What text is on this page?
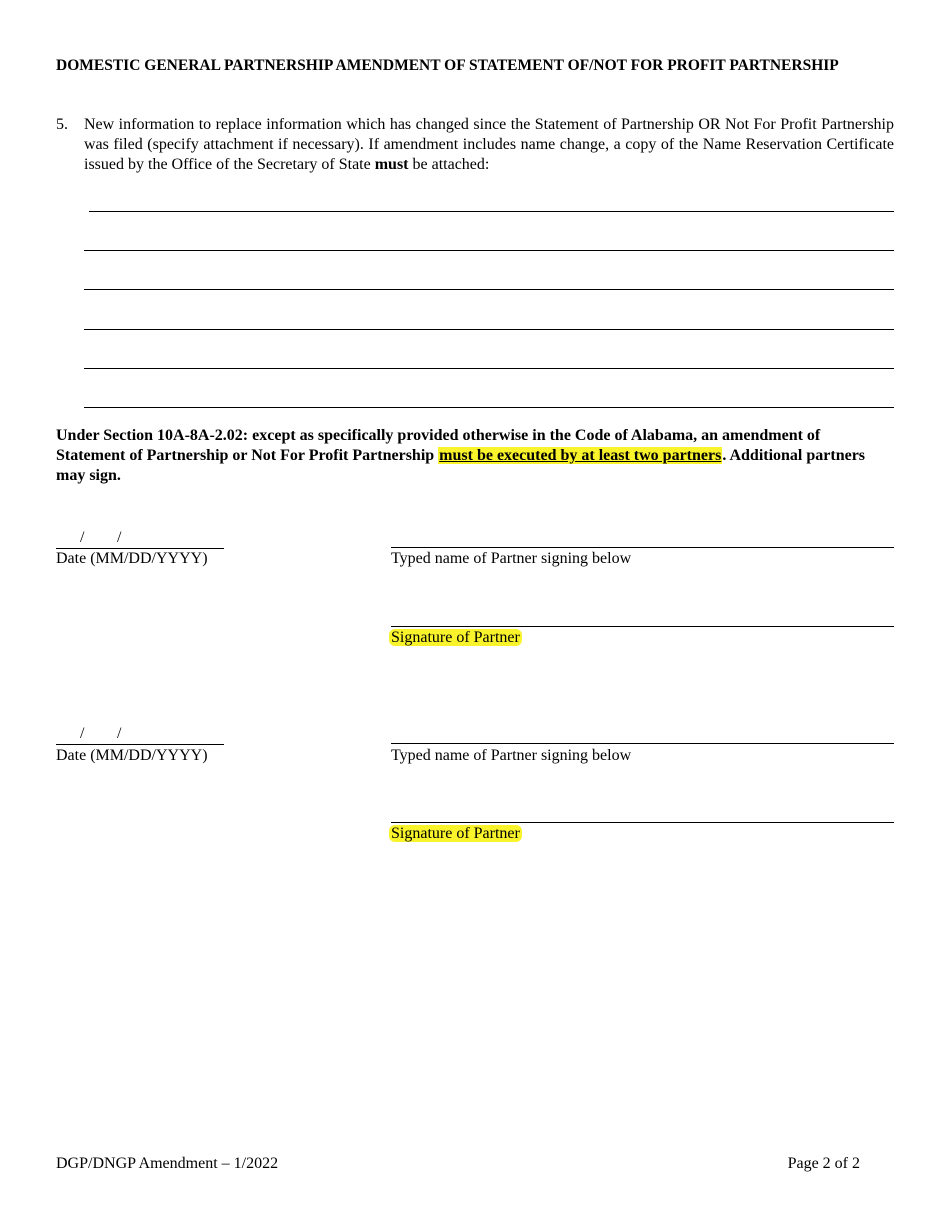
DOMESTIC GENERAL PARTNERSHIP AMENDMENT OF STATEMENT OF/NOT FOR PROFIT PARTNERSHIP
5. New information to replace information which has changed since the Statement of Partnership OR Not For Profit Partnership was filed (specify attachment if necessary). If amendment includes name change, a copy of the Name Reservation Certificate issued by the Office of the Secretary of State must be attached:
Under Section 10A-8A-2.02: except as specifically provided otherwise in the Code of Alabama, an amendment of Statement of Partnership or Not For Profit Partnership must be executed by at least two partners. Additional partners may sign.
/ /
Date (MM/DD/YYYY)	Typed name of Partner signing below
Signature of Partner
/ /
Date (MM/DD/YYYY)	Typed name of Partner signing below
Signature of Partner
DGP/DNGP Amendment – 1/2022	Page 2 of 2
